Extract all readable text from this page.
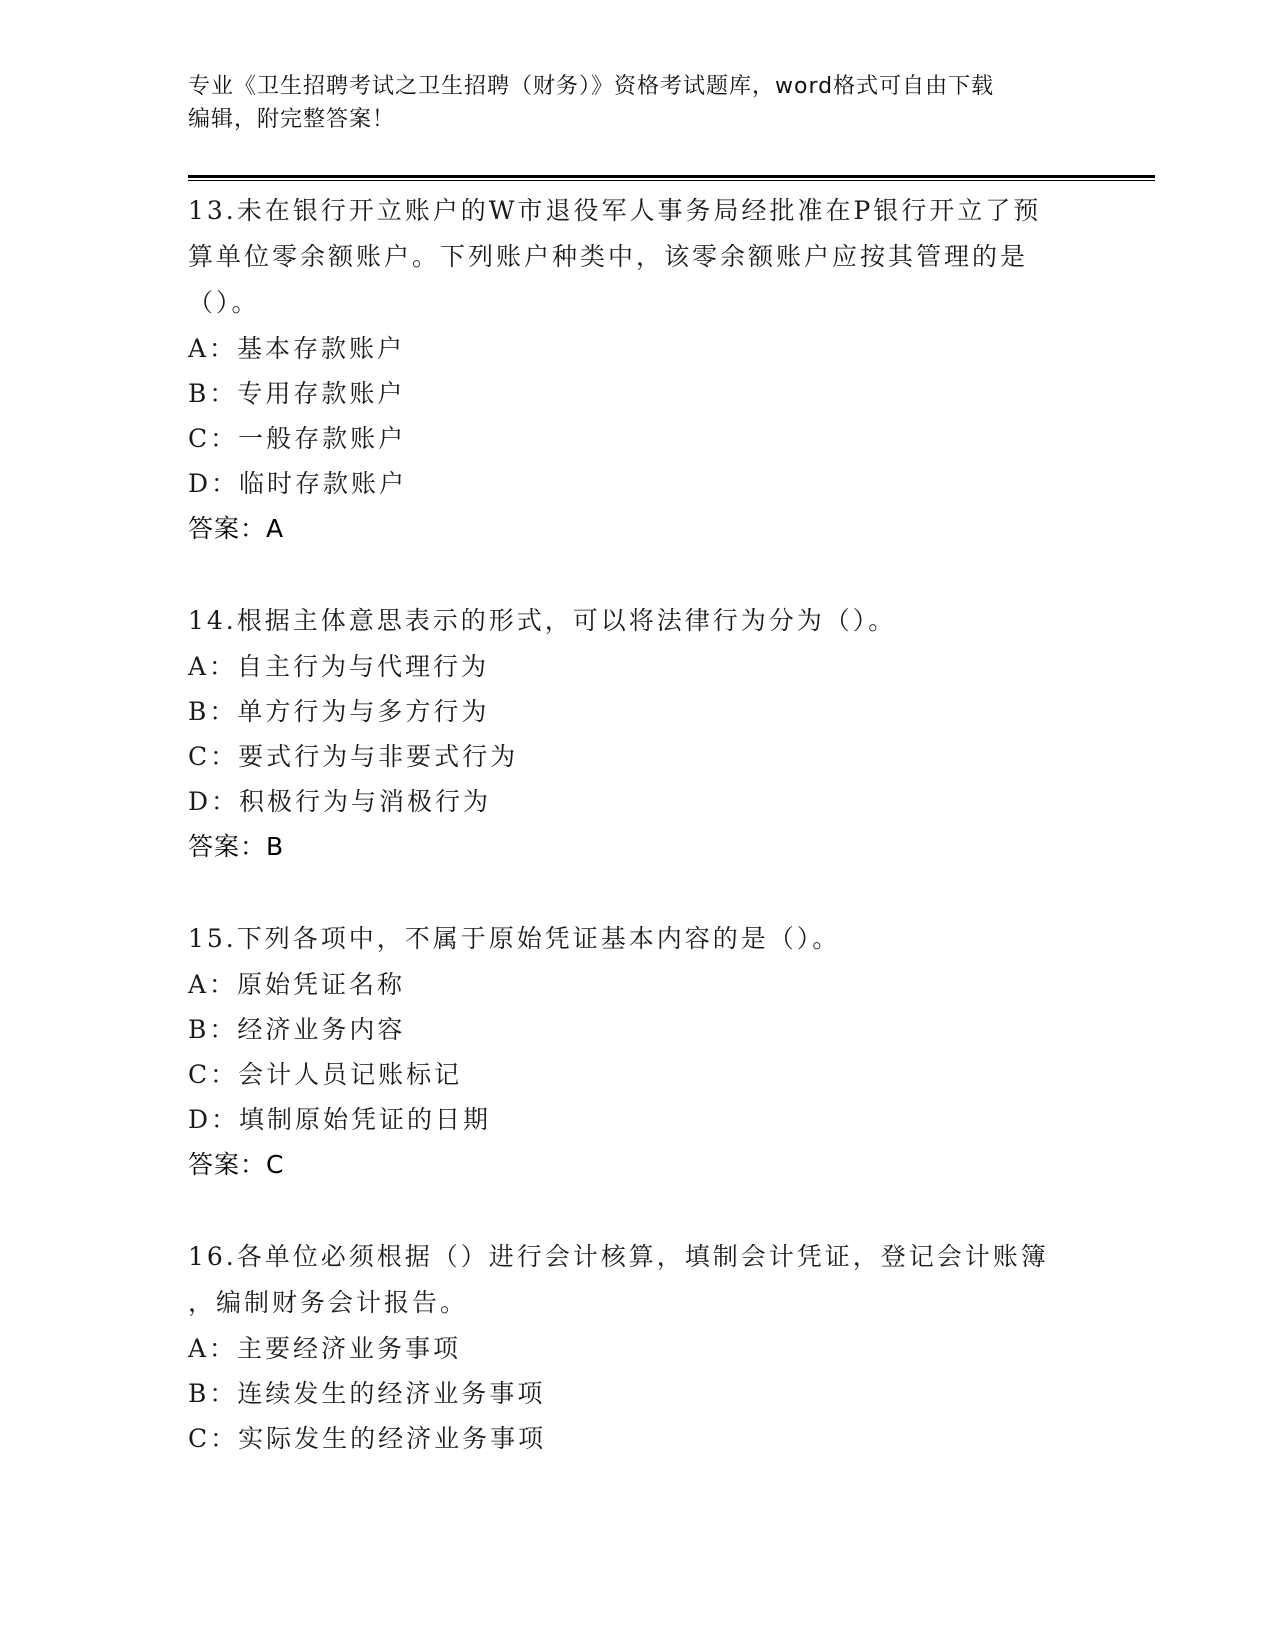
专业《卫生招聘考试之卫生招聘（财务）》资格考试题库，word格式可自由下载
编辑，附完整答案！

13.未在银行开立账户的W市退役军人事务局经批准在P银行开立了预

算单位零余额账户。下列账户种类中，该零余额账户应按其管理的是

（）。

A：基本存款账户

B：专用存款账户

C：一般存款账户

D：临时存款账户

答案：A

14.根据主体意思表示的形式，可以将法律行为分为（）。

A：自主行为与代理行为

B：单方行为与多方行为

C：要式行为与非要式行为

D：积极行为与消极行为

答案：B

15.下列各项中，不属于原始凭证基本内容的是（）。

A：原始凭证名称

B：经济业务内容

C：会计人员记账标记

D：填制原始凭证的日期

答案：C

16.各单位必须根据（）进行会计核算，填制会计凭证，登记会计账簿

，编制财务会计报告。

A：主要经济业务事项

B：连续发生的经济业务事项

C：实际发生的经济业务事项
